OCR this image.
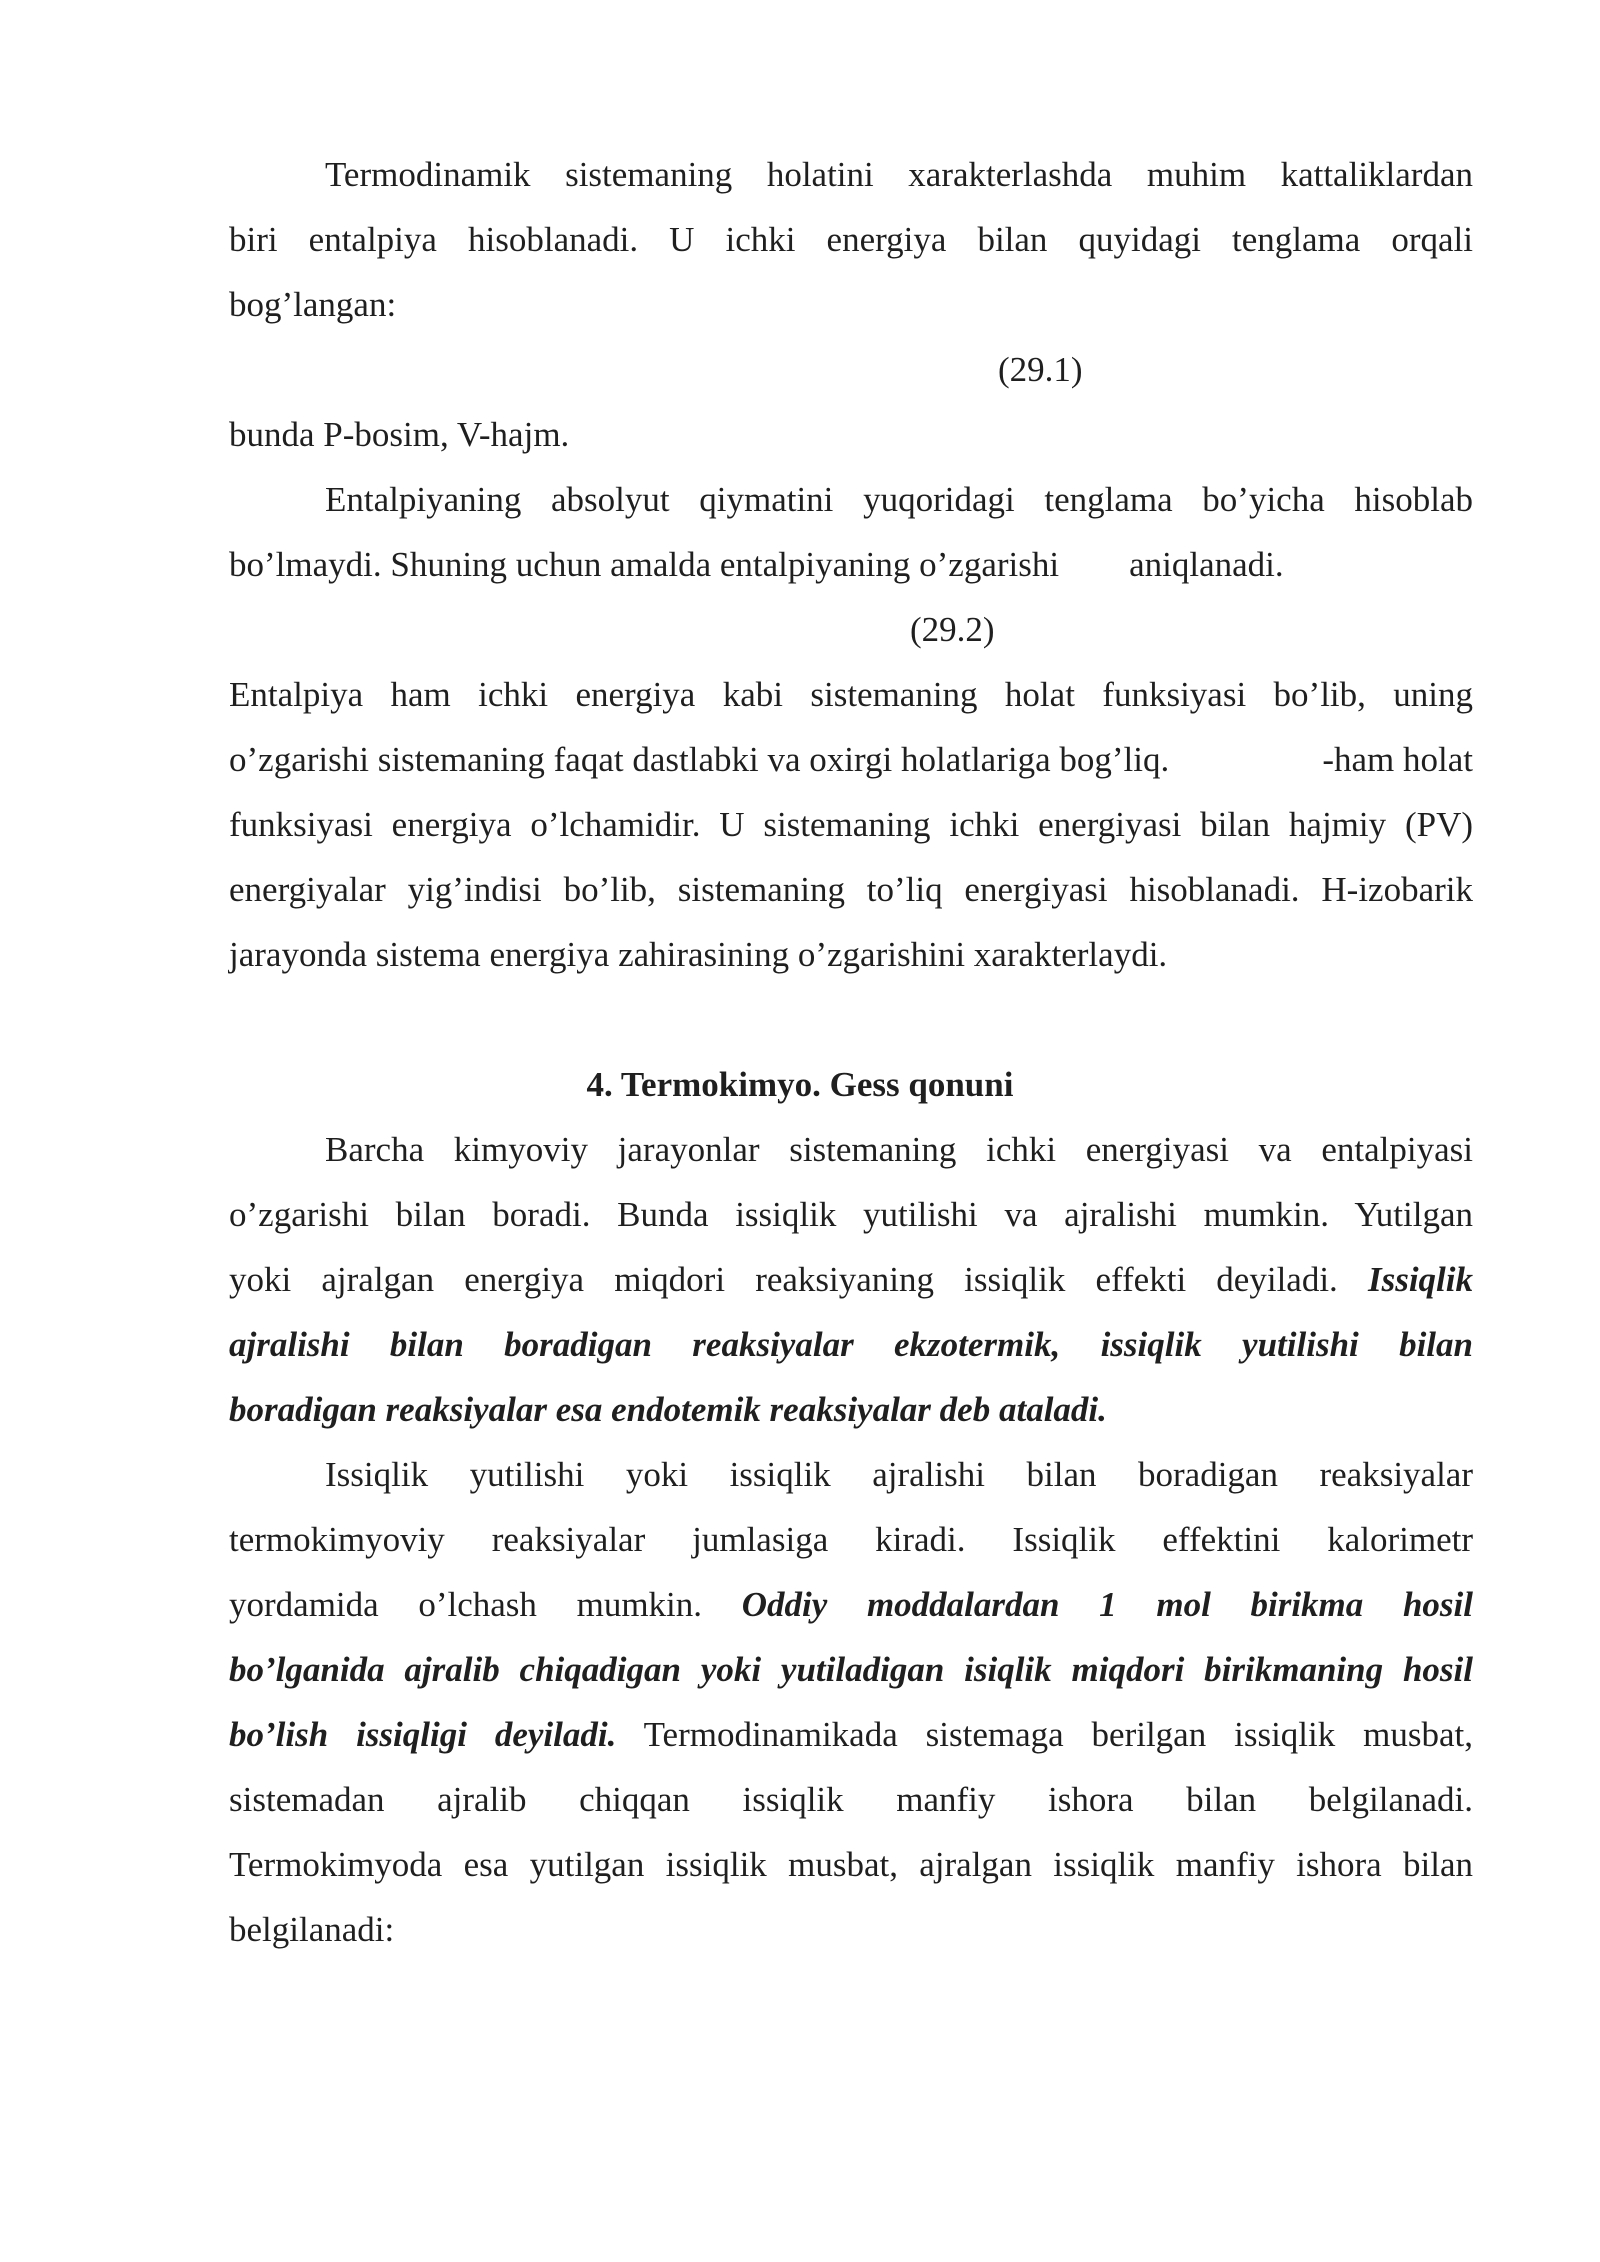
Termodinamik sistemaning holatini xarakterlashda muhim kattaliklardan
biri entalpiya hisoblanadi. U ichki energiya bilan quyidagi tenglama orqali
bog’langan:
(29.1)
bunda P-bosim, V-hajm.
Entalpiyaning absolyut qiymatini yuqoridagi tenglama bo’yicha hisoblab
bo’lmaydi. Shuning uchun amalda entalpiyaning o’zgarishi aniqlanadi.
(29.2)
Entalpiya ham ichki energiya kabi sistemaning holat funksiyasi bo’lib, uning
o’zgarishi sistemaning faqat dastlabki va oxirgi holatlariga bog’liq.	-ham holat
funksiyasi energiya o’lchamidir. U sistemaning ichki energiyasi bilan hajmiy (PV)
energiyalar yig’indisi bo’lib, sistemaning to’liq energiyasi hisoblanadi. H-izobarik
jarayonda sistema energiya zahirasining o’zgarishini xarakterlaydi.
4. Termokimyo. Gess qonuni
Barcha kimyoviy jarayonlar sistemaning ichki energiyasi va entalpiyasi
o’zgarishi bilan boradi. Bunda issiqlik yutilishi va ajralishi mumkin. Yutilgan
yoki ajralgan energiya miqdori reaksiyaning issiqlik effekti deyiladi. Issiqlik
ajralishi bilan boradigan reaksiyalar ekzotermik, issiqlik yutilishi bilan
boradigan reaksiyalar esa endotemik reaksiyalar deb ataladi.
Issiqlik yutilishi yoki issiqlik ajralishi bilan boradigan reaksiyalar
termokimyoviy reaksiyalar jumlasiga kiradi. Issiqlik effektini kalorimetr
yordamida o’lchash mumkin. Oddiy moddalardan 1 mol birikma hosil
bo’lganida ajralib chiqadigan yoki yutiladigan isiqlik miqdori birikmaning hosil
bo’lish issiqligi deyiladi. Termodinamikada sistemaga berilgan issiqlik musbat,
sistemadan ajralib chiqqan issiqlik manfiy ishora bilan belgilanadi.
Termokimyoda esa yutilgan issiqlik musbat, ajralgan issiqlik manfiy ishora bilan
belgilanadi:
